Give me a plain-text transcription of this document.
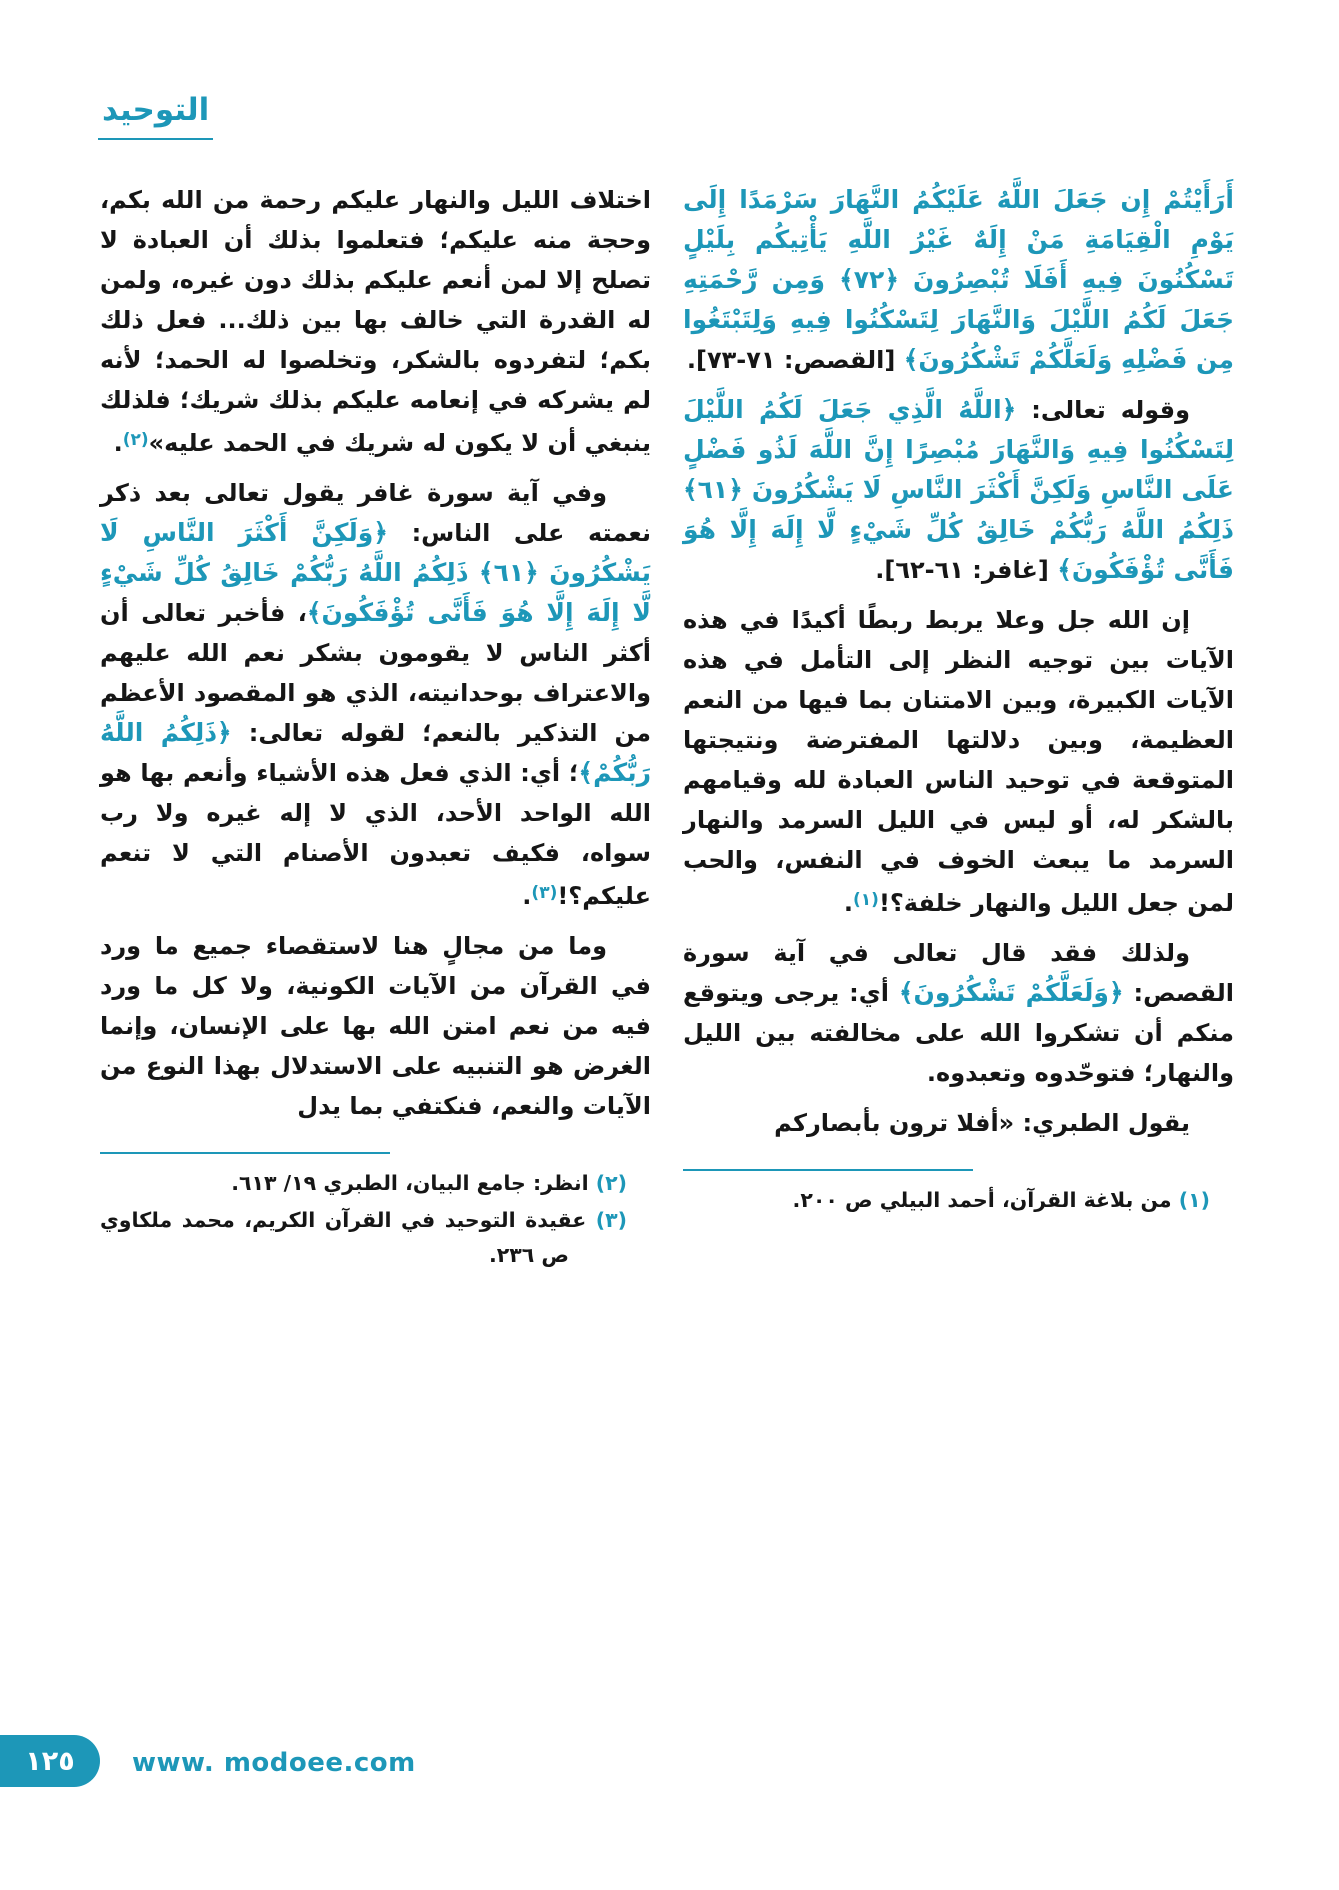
التوحيد

أَرَأَيْتُمْ إِن جَعَلَ اللَّهُ عَلَيْكُمُ النَّهَارَ سَرْمَدًا إِلَى يَوْمِ الْقِيَامَةِ مَنْ إِلَهٌ غَيْرُ اللَّهِ يَأْتِيكُم بِلَيْلٍ تَسْكُنُونَ فِيهِ أَفَلَا تُبْصِرُونَ ﴿٧٢﴾ وَمِن رَّحْمَتِهِ جَعَلَ لَكُمُ اللَّيْلَ وَالنَّهَارَ لِتَسْكُنُوا فِيهِ وَلِتَبْتَغُوا مِن فَضْلِهِ وَلَعَلَّكُمْ تَشْكُرُونَ﴾ [القصص: ٧١-٧٣].

وقوله تعالى: ﴿اللَّهُ الَّذِي جَعَلَ لَكُمُ اللَّيْلَ لِتَسْكُنُوا فِيهِ وَالنَّهَارَ مُبْصِرًا إِنَّ اللَّهَ لَذُو فَضْلٍ عَلَى النَّاسِ وَلَكِنَّ أَكْثَرَ النَّاسِ لَا يَشْكُرُونَ ﴿٦١﴾ ذَلِكُمُ اللَّهُ رَبُّكُمْ خَالِقُ كُلِّ شَيْءٍ لَّا إِلَهَ إِلَّا هُوَ فَأَنَّى تُؤْفَكُونَ﴾ [غافر: ٦١-٦٢].

إن الله جل وعلا يربط ربطًا أكيدًا في هذه الآيات بين توجيه النظر إلى التأمل في هذه الآيات الكبيرة، وبين الامتنان بما فيها من النعم العظيمة، وبين دلالتها المفترضة ونتيجتها المتوقعة في توحيد الناس العبادة لله وقيامهم بالشكر له، أو ليس في الليل السرمد والنهار السرمد ما يبعث الخوف في النفس، والحب لمن جعل الليل والنهار خلفة؟!$^{(١)}$.

ولذلك فقد قال تعالى في آية سورة القصص: ﴿وَلَعَلَّكُمْ تَشْكُرُونَ﴾ أي: يرجى ويتوقع منكم أن تشكروا الله على مخالفته بين الليل والنهار؛ فتوحّدوه وتعبدوه.

يقول الطبري: «أفلا ترون بأبصاركم

(١) من بلاغة القرآن، أحمد البيلي ص ٢٠٠.

اختلاف الليل والنهار عليكم رحمة من الله بكم، وحجة منه عليكم؛ فتعلموا بذلك أن العبادة لا تصلح إلا لمن أنعم عليكم بذلك دون غيره، ولمن له القدرة التي خالف بها بين ذلك... فعل ذلك بكم؛ لتفردوه بالشكر، وتخلصوا له الحمد؛ لأنه لم يشركه في إنعامه عليكم بذلك شريك؛ فلذلك ينبغي أن لا يكون له شريك في الحمد عليه»$^{(٢)}$.

وفي آية سورة غافر يقول تعالى بعد ذكر نعمته على الناس: ﴿وَلَكِنَّ أَكْثَرَ النَّاسِ لَا يَشْكُرُونَ ﴿٦١﴾ ذَلِكُمُ اللَّهُ رَبُّكُمْ خَالِقُ كُلِّ شَيْءٍ لَّا إِلَهَ إِلَّا هُوَ فَأَنَّى تُؤْفَكُونَ﴾، فأخبر تعالى أن أكثر الناس لا يقومون بشكر نعم الله عليهم والاعتراف بوحدانيته، الذي هو المقصود الأعظم من التذكير بالنعم؛ لقوله تعالى: ﴿ذَلِكُمُ اللَّهُ رَبُّكُمْ﴾؛ أي: الذي فعل هذه الأشياء وأنعم بها هو الله الواحد الأحد، الذي لا إله غيره ولا رب سواه، فكيف تعبدون الأصنام التي لا تنعم عليكم؟!$^{(٣)}$.

وما من مجالٍ هنا لاستقصاء جميع ما ورد في القرآن من الآيات الكونية، ولا كل ما ورد فيه من نعم امتن الله بها على الإنسان، وإنما الغرض هو التنبيه على الاستدلال بهذا النوع من الآيات والنعم، فنكتفي بما يدل

(٢) انظر: جامع البيان، الطبري ١٩/ ٦١٣.
(٣) عقيدة التوحيد في القرآن الكريم، محمد ملكاوي ص ٢٣٦.
١٢٥ www. modoee.com
